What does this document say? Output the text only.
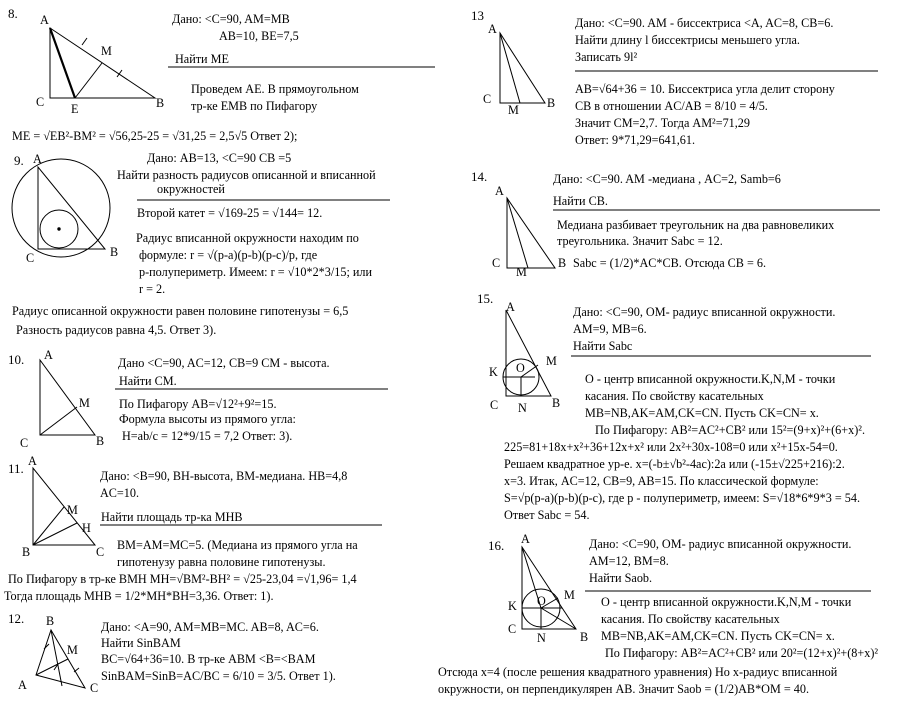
A
M
C E	B
A
B
C
A
M
C	B
A
M
H
B	C
B
M
A	C
A
C
M B
A
C
M
B
A
M
K O
C N B
A
M
K O
C
N	B
8.	Дано: <C=90, AM=MB
AB=10, BE=7,5
Найти ME
Проведем AE. В прямоугольном
тр-ке EMB по Пифагору
ME = √EB²-BM² = √56,25-25 = √31,25 = 2,5√5 Ответ 2);
9.	Дано: AB=13, <C=90 CB =5
Найти разность радиусов описанной и вписанной
окружностей
Второй катет = √169-25 = √144= 12.
Радиус вписанной окружности находим по
формуле: r = √(p-a)(p-b)(p-c)/p, где
p-полупериметр. Имеем: r = √10*2*3/15; или
r = 2.
Радиус описанной окружности равен половине гипотенузы = 6,5
Разность радиусов равна 4,5. Ответ 3).
10.	Дано <C=90, AC=12, CB=9 CM - высота.
Найти CM.
По Пифагору AB=√12²+9²=15.
Формула высоты из прямого угла:
H=ab/c = 12*9/15 = 7,2 Ответ: 3).
11.	Дано: <B=90, BH-высота, BM-медиана. HB=4,8
AC=10.
Найти площадь тр-ка MHB
BM=AM=MC=5. (Медиана из прямого угла на
гипотенузу равна половине гипотенузы.
По Пифагору в тр-ке BMH MH=√BM²-BH² = √25-23,04 =√1,96= 1,4
Тогда площадь MHB = 1/2*MH*BH=3,36. Ответ: 1).
12.
Дано: <A=90, AM=MB=MC. AB=8, AC=6.
Найти SinBAM
BC=√64+36=10. В тр-ке ABM <B=<BAM
SinBAM=SinB=AC/BC = 6/10 = 3/5. Ответ 1).
13	Дано: <C=90. AM - биссектриса <A, AC=8, CB=6.
Найти длину l биссектрисы меньшего угла.
Записать 9l²
AB=√64+36 = 10. Биссектриса угла делит сторону
CB в отношении AC/AB = 8/10 = 4/5.
Значит CM=2,7. Тогда AM²=71,29
Ответ: 9*71,29=641,61.
14.	Дано: <C=90. AM -медиана , AC=2, Samb=6
Найти CB.
Медиана разбивает треугольник на два равновеликих
треугольника. Значит Sabc = 12.
Sabc = (1/2)*AC*CB. Отсюда CB = 6.
15.
Дано: <C=90, OM- радиус вписанной окружности.
AM=9, MB=6.
Найти Sabc
O - центр вписанной окружности.K,N,M - точки
касания. По свойству касательных
MB=NB,AK=AM,CK=CN. Пусть CK=CN= x.
По Пифагору: AB²=AC²+CB² или 15²=(9+x)²+(6+x)².
225=81+18x+x²+36+12x+x² или 2x²+30x-108=0 или x²+15x-54=0.
Решаем квадратное ур-е. x=(-b±√b²-4ac):2a или (-15±√225+216):2.
x=3. Итак, AC=12, CB=9, AB=15. По классической формуле:
S=√p(p-a)(p-b)(p-c), где p - полупериметр, имеем: S=√18*6*9*3 = 54.
Ответ Sabc = 54.
16.	Дано: <C=90, OM- радиус вписанной окружности.
AM=12, BM=8.
Найти Saob.
O - центр вписанной окружности.K,N,M - точки
касания. По свойству касательных
MB=NB,AK=AM,CK=CN. Пусть CK=CN= x.
По Пифагору: AB²=AC²+CB² или 20²=(12+x)²+(8+x)²
Отсюда x=4 (после решения квадратного уравнения) Но x-радиус вписанной
окружности, он перпендикулярен AB. Значит Saob = (1/2)AB*OM = 40.
